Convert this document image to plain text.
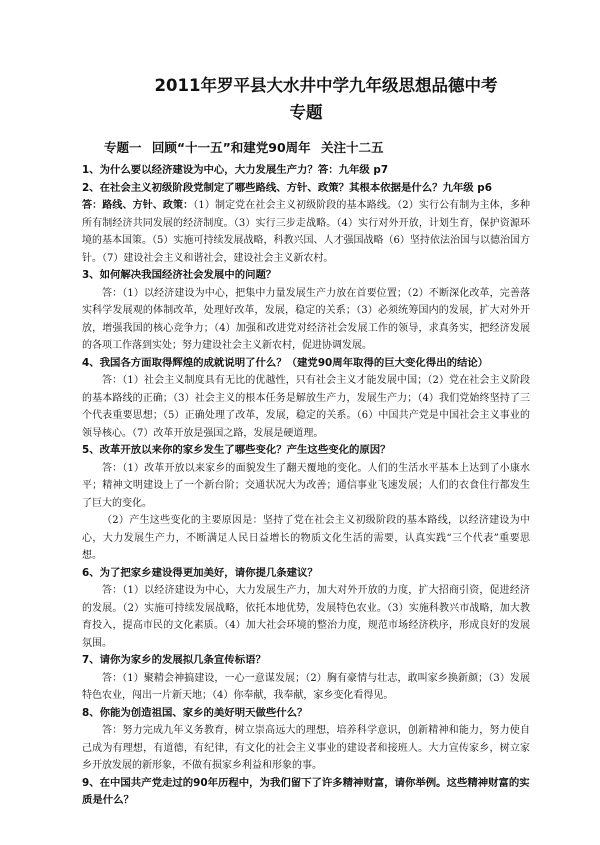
2011年罗平县大水井中学九年级思想品德中考
专题
专题一 回顾“十一五”和建党90周年 关注十二五

1、为什么要以经济建设为中心，大力发展生产力？答：九年级 p7

2、在社会主义初级阶段党制定了哪些路线、方针、政策？其根本依据是什么？九年级 p6

答：路线、方针、政策：（1）制定党在社会主义初级阶段的基本路线。（2）实行公有制为主体，多种所有制经济共同发展的经济制度。（3）实行三步走战略。（4）实行对外开放，计划生育，保护资源环境的基本国策。（5）实施可持续发展战略，科教兴国、人才强国战略（6）坚持依法治国与以德治国方针。（7）建设社会主义和谐社会，建设社会主义新农村。

3、如何解决我国经济社会发展中的问题？

答：（1）以经济建设为中心，把集中力量发展生产力放在首要位置；（2）不断深化改革，完善落实科学发展观的体制改革，处理好改革，发展，稳定的关系；（3）必须统筹国内的发展，扩大对外开放，增强我国的核心竞争力；（4）加强和改进党对经济社会发展工作的领导，求真务实，把经济发展的各项工作落到实处；努力建设社会主义新农村，促进协调发展。

4、我国各方面取得辉煌的成就说明了什么？（建党90周年取得的巨大变化得出的结论）

答：（1）社会主义制度具有无比的优越性，只有社会主义才能发展中国；（2）党在社会主义阶段的基本路线的正确；（3）社会主义的根本任务是解放生产力，发展生产力；（4）我们党始终坚持了三个代表重要思想；（5）正确处理了改革，发展，稳定的关系。（6）中国共产党是中国社会主义事业的领导核心。（7）改革开放是强国之路，发展是硬道理。

5、改革开放以来你的家乡发生了哪些变化？产生这些变化的原因？

答：（1）改革开放以来家乡的面貌发生了翻天覆地的变化。人们的生活水平基本上达到了小康水平；精神文明建设上了一个新台阶；交通状况大为改善；通信事业飞速发展；人们的衣食住行都发生了巨大的变化。

（2）产生这些变化的主要原因是：坚持了党在社会主义初级阶段的基本路线，以经济建设为中心，大力发展生产力，不断满足人民日益增长的物质文化生活的需要，认真实践“三个代表”重要思想。

6、为了把家乡建设得更加美好，请你提几条建议？

答：（1）以经济建设为中心，大力发展生产力，加大对外开放的力度，扩大招商引资，促进经济的发展。（2）实施可持续发展战略，依托本地优势，发展特色农业。（3）实施科教兴市战略，加大教育投入，提高市民的文化素质。（4）加大社会环境的整治力度，规范市场经济秩序，形成良好的发展氛围。

7、请你为家乡的发展拟几条宣传标语？

答：（1）聚精会神搞建设，一心一意谋发展；（2）胸有豪情与壮志，敢叫家乡换新颜；（3）发展特色农业，闯出一片新天地；（4）你奉献，我奉献，家乡变化看得见。

8、你能为创造祖国、家乡的美好明天做些什么？

答：努力完成九年义务教育，树立崇高远大的理想，培养科学意识，创新精神和能力，努力使自己成为有理想，有道德，有纪律，有文化的社会主义事业的建设者和接班人。大力宣传家乡，树立家乡开放发展的新形象，不做有损家乡利益和形象的事。

9、在中国共产党走过的90年历程中，为我们留下了许多精神财富，请你举例。这些精神财富的实质是什么？
